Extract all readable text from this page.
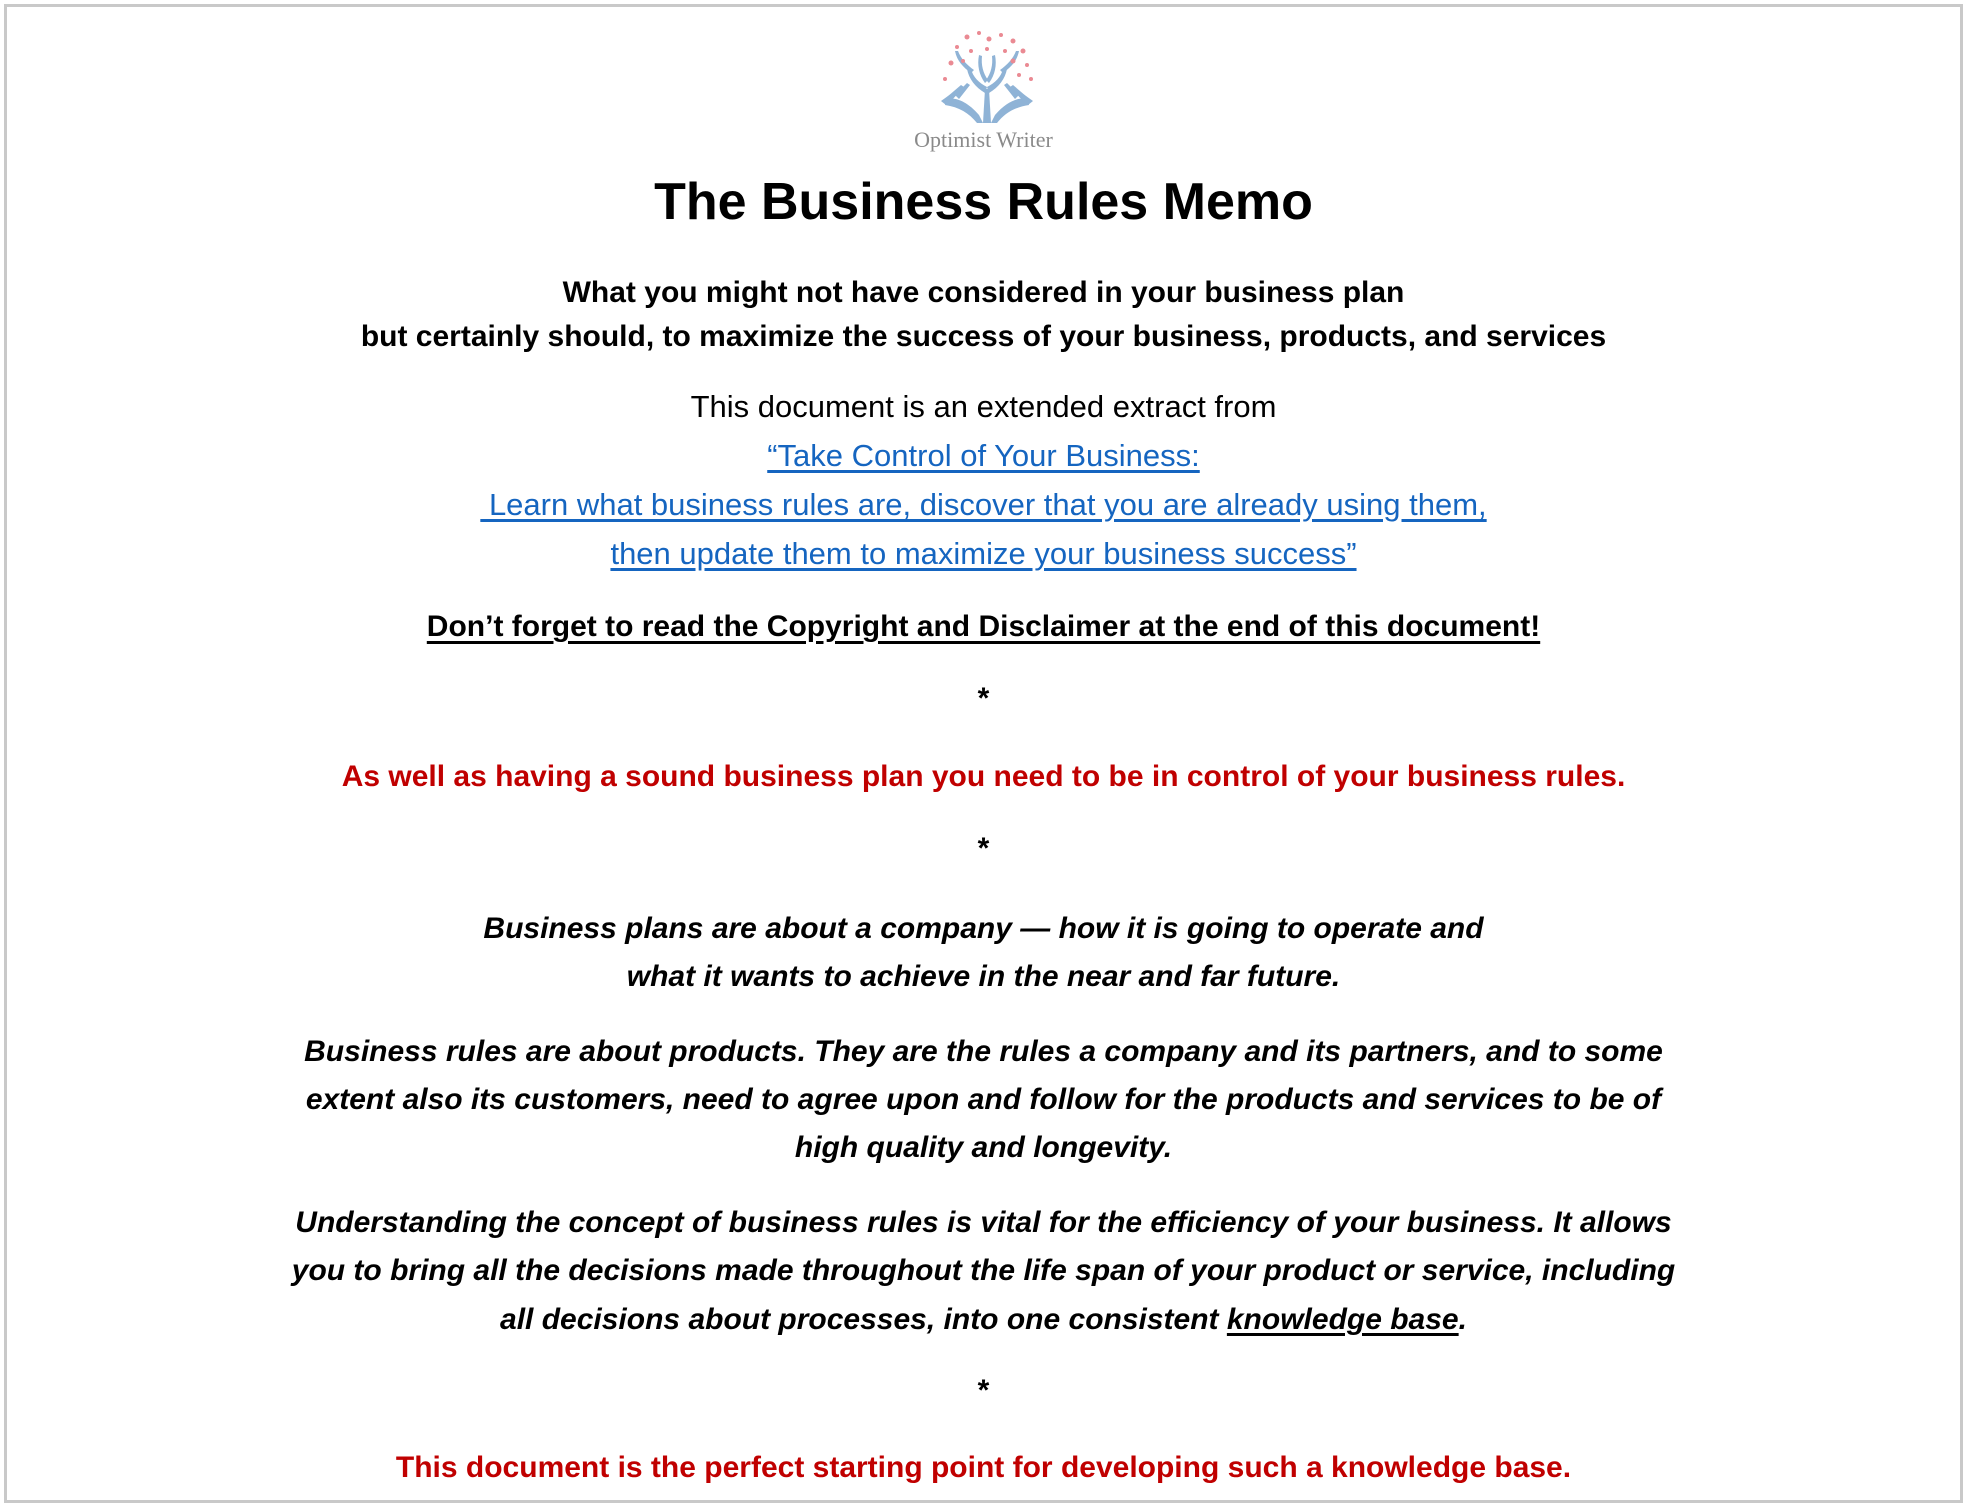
Optimist Writer
The Business Rules Memo
What you might not have considered in your business plan
but certainly should, to maximize the success of your business, products, and services
This document is an extended extract from
“Take Control of Your Business:
Learn what business rules are, discover that you are already using them,
then update them to maximize your business success”
Don’t forget to read the Copyright and Disclaimer at the end of this document!
*
As well as having a sound business plan you need to be in control of your business rules.
*
Business plans are about a company — how it is going to operate and
what it wants to achieve in the near and far future.
Business rules are about products. They are the rules a company and its partners, and to some
extent also its customers, need to agree upon and follow for the products and services to be of
high quality and longevity.
Understanding the concept of business rules is vital for the efficiency of your business. It allows
you to bring all the decisions made throughout the life span of your product or service, including
all decisions about processes, into one consistent knowledge base.
*
This document is the perfect starting point for developing such a knowledge base.
